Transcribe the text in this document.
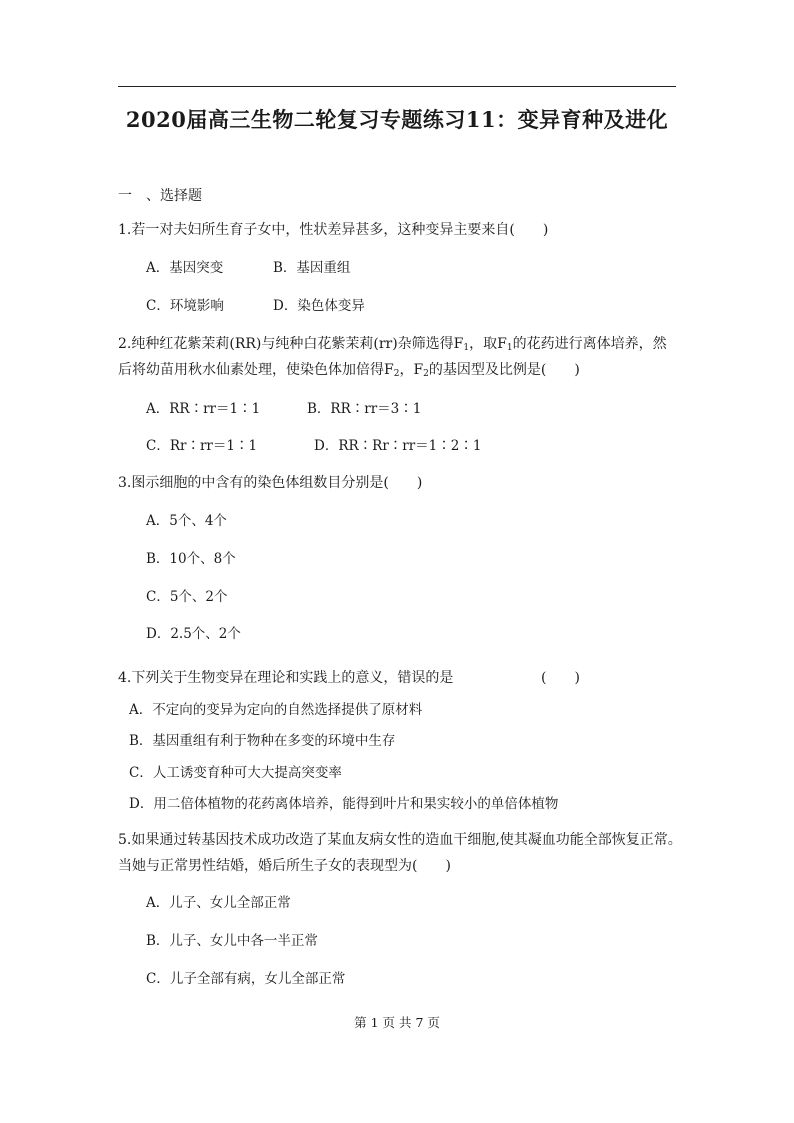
2020届高三生物二轮复习专题练习11：变异育种及进化
一　、选择题
1.若一对夫妇所生育子女中，性状差异甚多，这种变异主要来自(　　)
A．基因突变	B．基因重组
C．环境影响	D．染色体变异
2.纯种红花紫茉莉(RR)与纯种白花紫茉莉(rr)杂筛选得$F_1$，取$F_1$的花药进行离体培养，然
后将幼苗用秋水仙素处理，使染色体加倍得$F_2$，$F_2$的基因型及比例是(　　)
A．RR∶rr＝1∶1	B．RR∶rr＝3∶1
C．Rr∶rr＝1∶1	D．RR∶Rr∶rr＝1∶2∶1
3.图示细胞的中含有的染色体组数目分别是(　　)
A．5个、4个
B．10个、8个
C．5个、2个
D．2.5个、2个
4.下列关于生物变异在理论和实践上的意义，错误的是	(　　)
A．不定向的变异为定向的自然选择提供了原材料
B．基因重组有利于物种在多变的环境中生存
C．人工诱变育种可大大提高突变率
D．用二倍体植物的花药离体培养，能得到叶片和果实较小的单倍体植物
5.如果通过转基因技术成功改造了某血友病女性的造血干细胞,使其凝血功能全部恢复正常。
当她与正常男性结婚，婚后所生子女的表现型为(　　)
A．儿子、女儿全部正常
B．儿子、女儿中各一半正常
C．儿子全部有病，女儿全部正常
第 1 页 共 7 页
